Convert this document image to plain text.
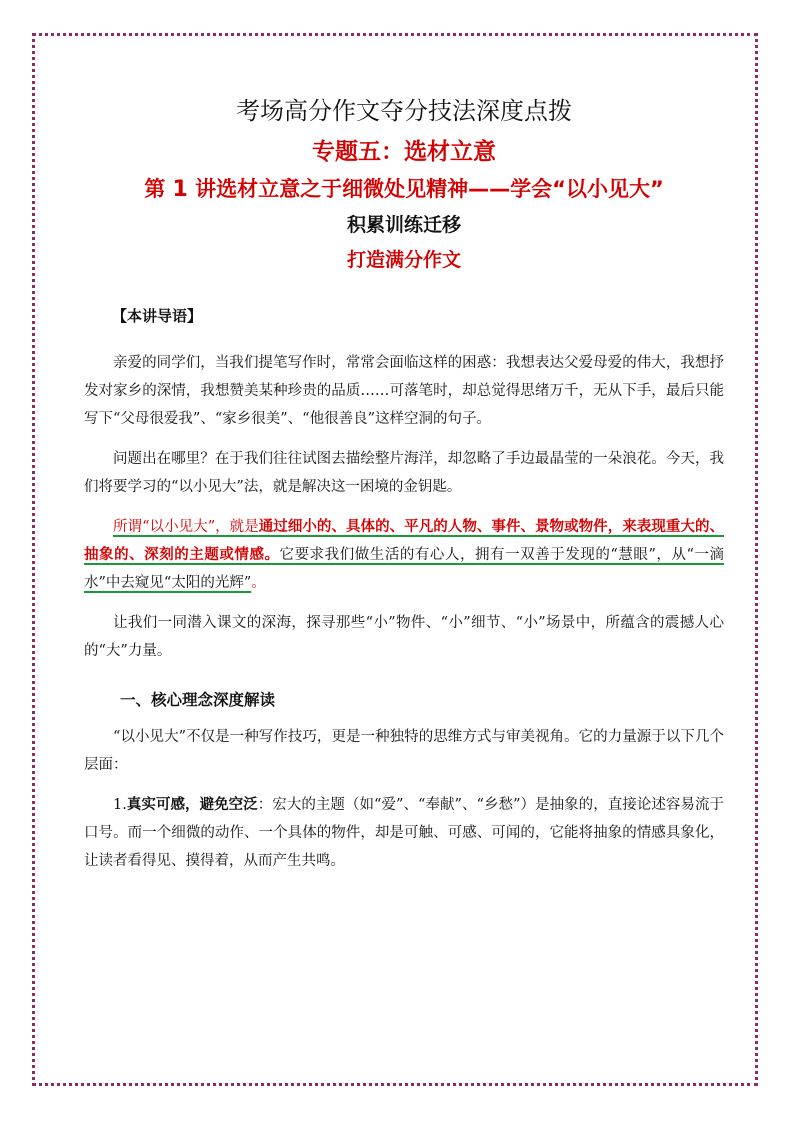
考场高分作文夺分技法深度点拨
专题五：选材立意
第 1 讲选材立意之于细微处见精神——学会“以小见大”
积累训练迁移
打造满分作文
【本讲导语】

亲爱的同学们，当我们提笔写作时，常常会面临这样的困惑：我想表达父爱母爱的伟大，我想抒发对家乡的深情，我想赞美某种珍贵的品质……可落笔时，却总觉得思绪万千，无从下手，最后只能写下“父母很爱我”、“家乡很美”、“他很善良”这样空洞的句子。

问题出在哪里？在于我们往往试图去描绘整片海洋，却忽略了手边最晶莹的一朵浪花。今天，我们将要学习的“以小见大”法，就是解决这一困境的金钥匙。

所谓“以小见大”，就是通过细小的、具体的、平凡的人物、事件、景物或物件，来表现重大的、抽象的、深刻的主题或情感。它要求我们做生活的有心人，拥有一双善于发现的“慧眼”，从“一滴水”中去窥见“太阳的光辉”。

让我们一同潜入课文的深海，探寻那些“小”物件、“小”细节、“小”场景中，所蕴含的震撼人心的“大”力量。

一、核心理念深度解读

“以小见大”不仅是一种写作技巧，更是一种独特的思维方式与审美视角。它的力量源于以下几个层面：

1.真实可感，避免空泛：宏大的主题（如“爱”、“奉献”、“乡愁”）是抽象的，直接论述容易流于口号。而一个细微的动作、一个具体的物件，却是可触、可感、可闻的，它能将抽象的情感具象化，让读者看得见、摸得着，从而产生共鸣。
